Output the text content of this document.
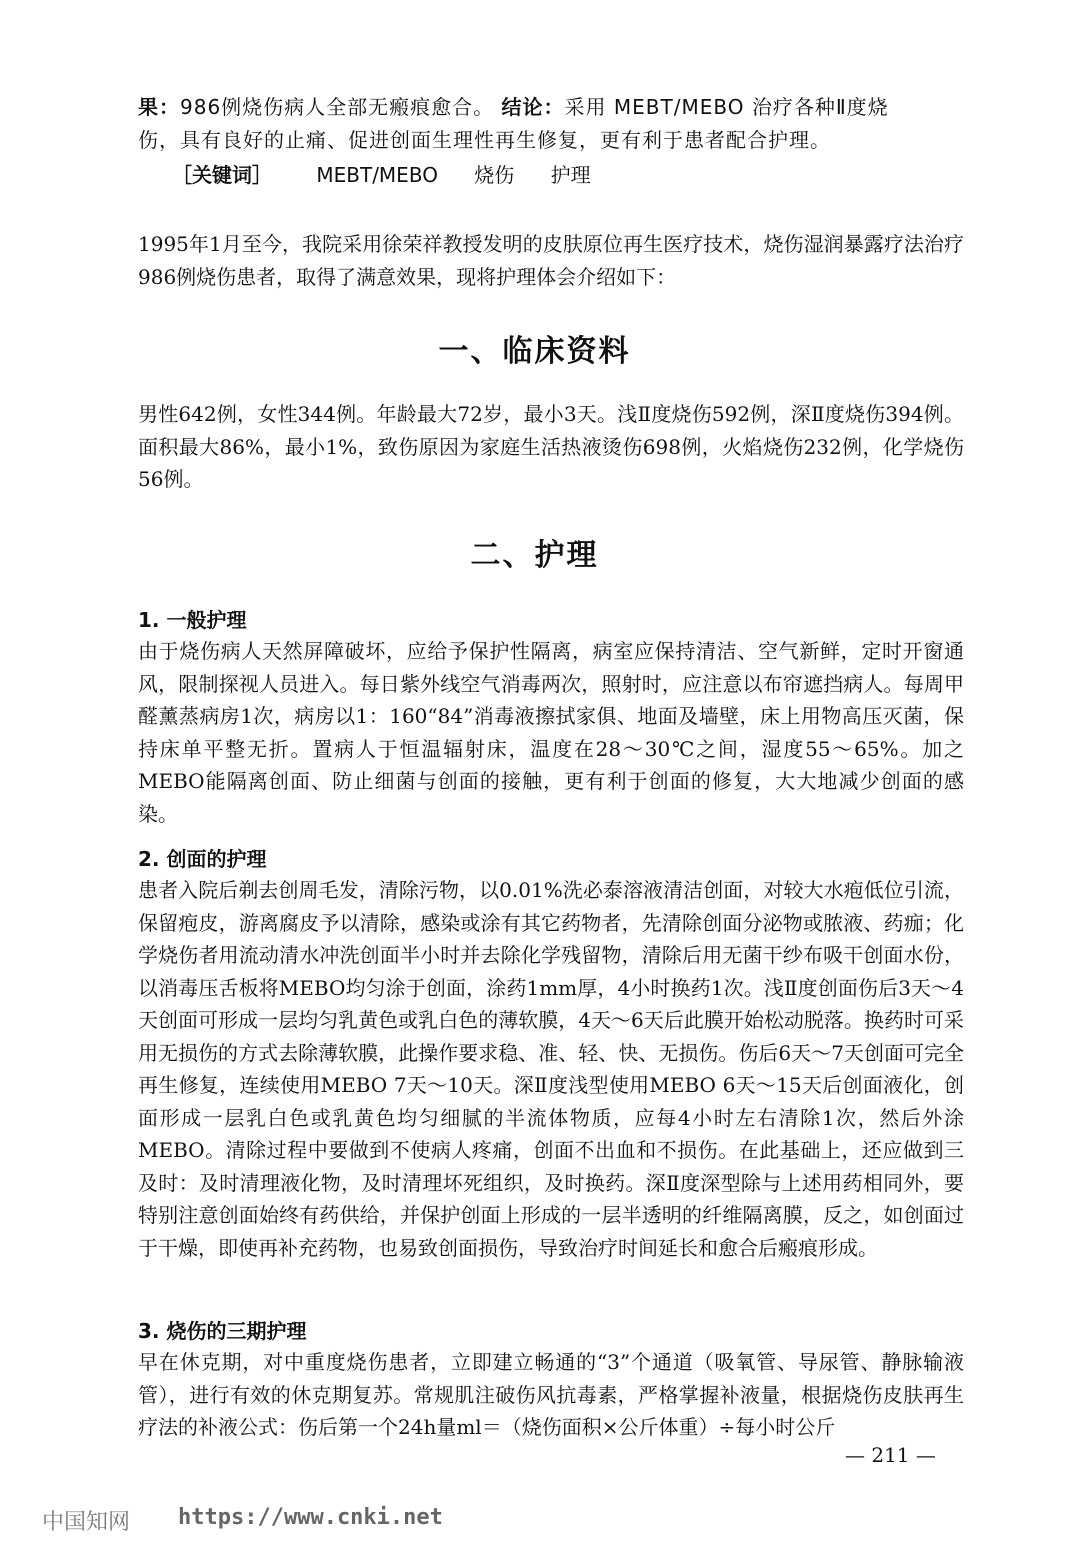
果：986例烧伤病人全部无瘢痕愈合。 结论：采用 MEBT/MEBO 治疗各种Ⅱ度烧
伤，具有良好的止痛、促进创面生理性再生修复，更有利于患者配合护理。
［关键词］ MEBT/MEBO 烧伤 护理
1995年1月至今，我院采用徐荣祥教授发明的皮肤原位再生医疗技术，烧伤湿润暴露疗法治疗986例烧伤患者，取得了满意效果，现将护理体会介绍如下：
一、临床资料
男性642例，女性344例。年龄最大72岁，最小3天。浅Ⅱ度烧伤592例，深Ⅱ度烧伤394例。面积最大86%，最小1%，致伤原因为家庭生活热液烫伤698例，火焰烧伤232例，化学烧伤56例。
二、护理
1. 一般护理
由于烧伤病人天然屏障破坏，应给予保护性隔离，病室应保持清洁、空气新鲜，定时开窗通风，限制探视人员进入。每日紫外线空气消毒两次，照射时，应注意以布帘遮挡病人。每周甲醛薰蒸病房1次，病房以1：160“84”消毒液擦拭家俱、地面及墙壁，床上用物高压灭菌，保持床单平整无折。置病人于恒温辐射床，温度在28～30℃之间，湿度55～65%。加之MEBO能隔离创面、防止细菌与创面的接触，更有利于创面的修复，大大地减少创面的感染。
2. 创面的护理
患者入院后剃去创周毛发，清除污物，以0.01%洗必泰溶液清洁创面，对较大水疱低位引流，保留疱皮，游离腐皮予以清除，感染或涂有其它药物者，先清除创面分泌物或脓液、药痂；化学烧伤者用流动清水冲洗创面半小时并去除化学残留物，清除后用无菌干纱布吸干创面水份，以消毒压舌板将MEBO均匀涂于创面，涂药1mm厚，4小时换药1次。浅Ⅱ度创面伤后3天～4天创面可形成一层均匀乳黄色或乳白色的薄软膜，4天～6天后此膜开始松动脱落。换药时可采用无损伤的方式去除薄软膜，此操作要求稳、准、轻、快、无损伤。伤后6天～7天创面可完全再生修复，连续使用MEBO 7天～10天。深Ⅱ度浅型使用MEBO 6天～15天后创面液化，创面形成一层乳白色或乳黄色均匀细腻的半流体物质，应每4小时左右清除1次，然后外涂MEBO。清除过程中要做到不使病人疼痛，创面不出血和不损伤。在此基础上，还应做到三及时：及时清理液化物，及时清理坏死组织，及时换药。深Ⅱ度深型除与上述用药相同外，要特别注意创面始终有药供给，并保护创面上形成的一层半透明的纤维隔离膜，反之，如创面过于干燥，即使再补充药物，也易致创面损伤，导致治疗时间延长和愈合后瘢痕形成。
3. 烧伤的三期护理
早在休克期，对中重度烧伤患者，立即建立畅通的“3”个通道（吸氧管、导尿管、静脉输液管），进行有效的休克期复苏。常规肌注破伤风抗毒素，严格掌握补液量，根据烧伤皮肤再生疗法的补液公式：伤后第一个24h量ml＝（烧伤面积×公斤体重）÷每小时公斤
— 211 —
中国知网 https://www.cnki.net
